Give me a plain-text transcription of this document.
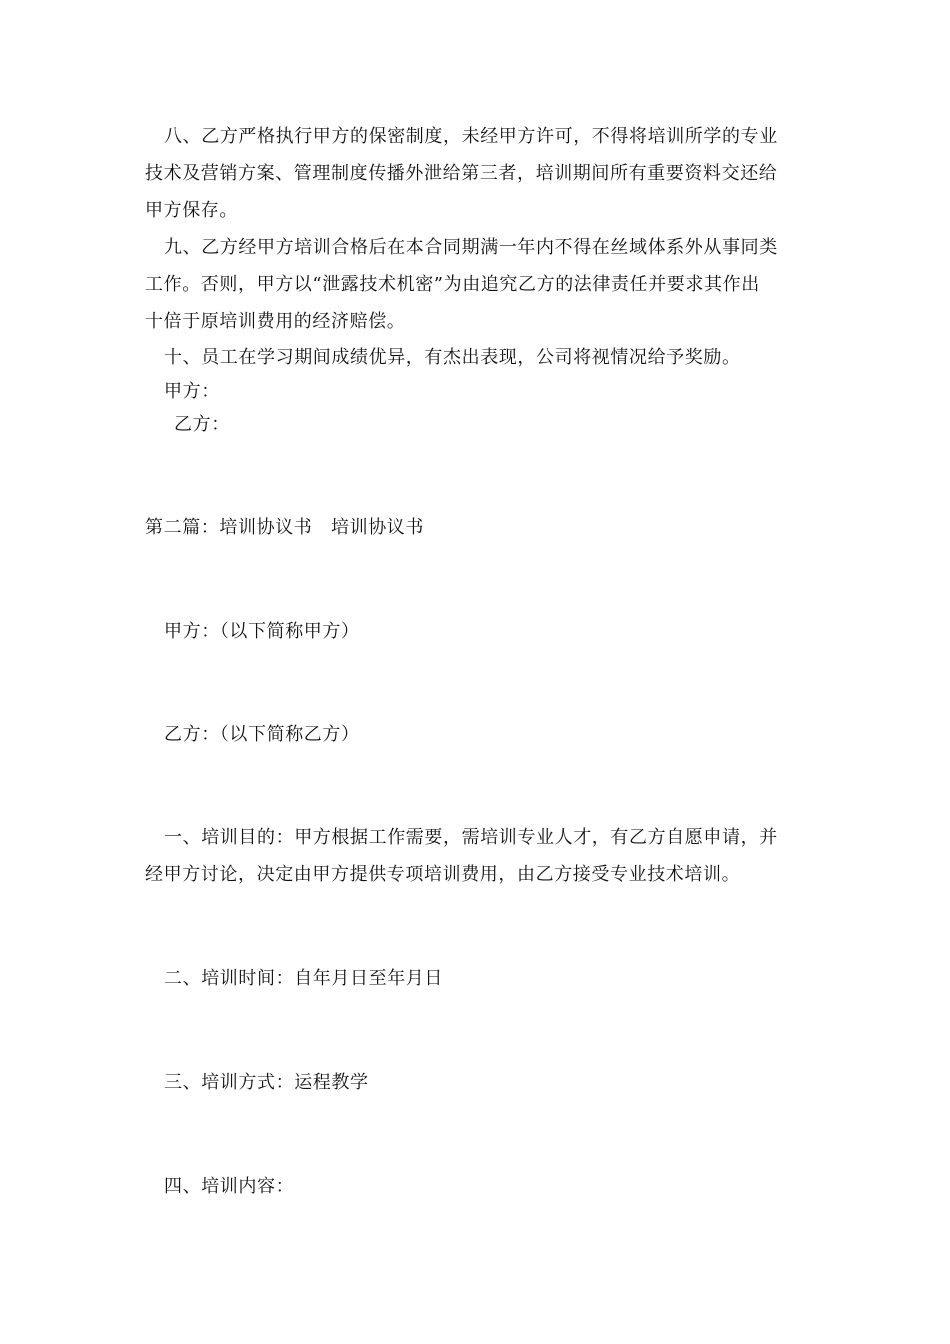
八、乙方严格执行甲方的保密制度，未经甲方许可，不得将培训所学的专业
技术及营销方案、管理制度传播外泄给第三者，培训期间所有重要资料交还给
甲方保存。
九、乙方经甲方培训合格后在本合同期满一年内不得在丝域体系外从事同类
工作。否则，甲方以“泄露技术机密”为由追究乙方的法律责任并要求其作出
十倍于原培训费用的经济赔偿。
十、员工在学习期间成绩优异，有杰出表现，公司将视情况给予奖励。
甲方：
乙方：
第二篇：培训协议书　培训协议书
甲方：（以下简称甲方）
乙方：（以下简称乙方）
一、培训目的：甲方根据工作需要，需培训专业人才，有乙方自愿申请，并
经甲方讨论，决定由甲方提供专项培训费用，由乙方接受专业技术培训。
二、培训时间：自年月日至年月日
三、培训方式：运程教学
四、培训内容：
